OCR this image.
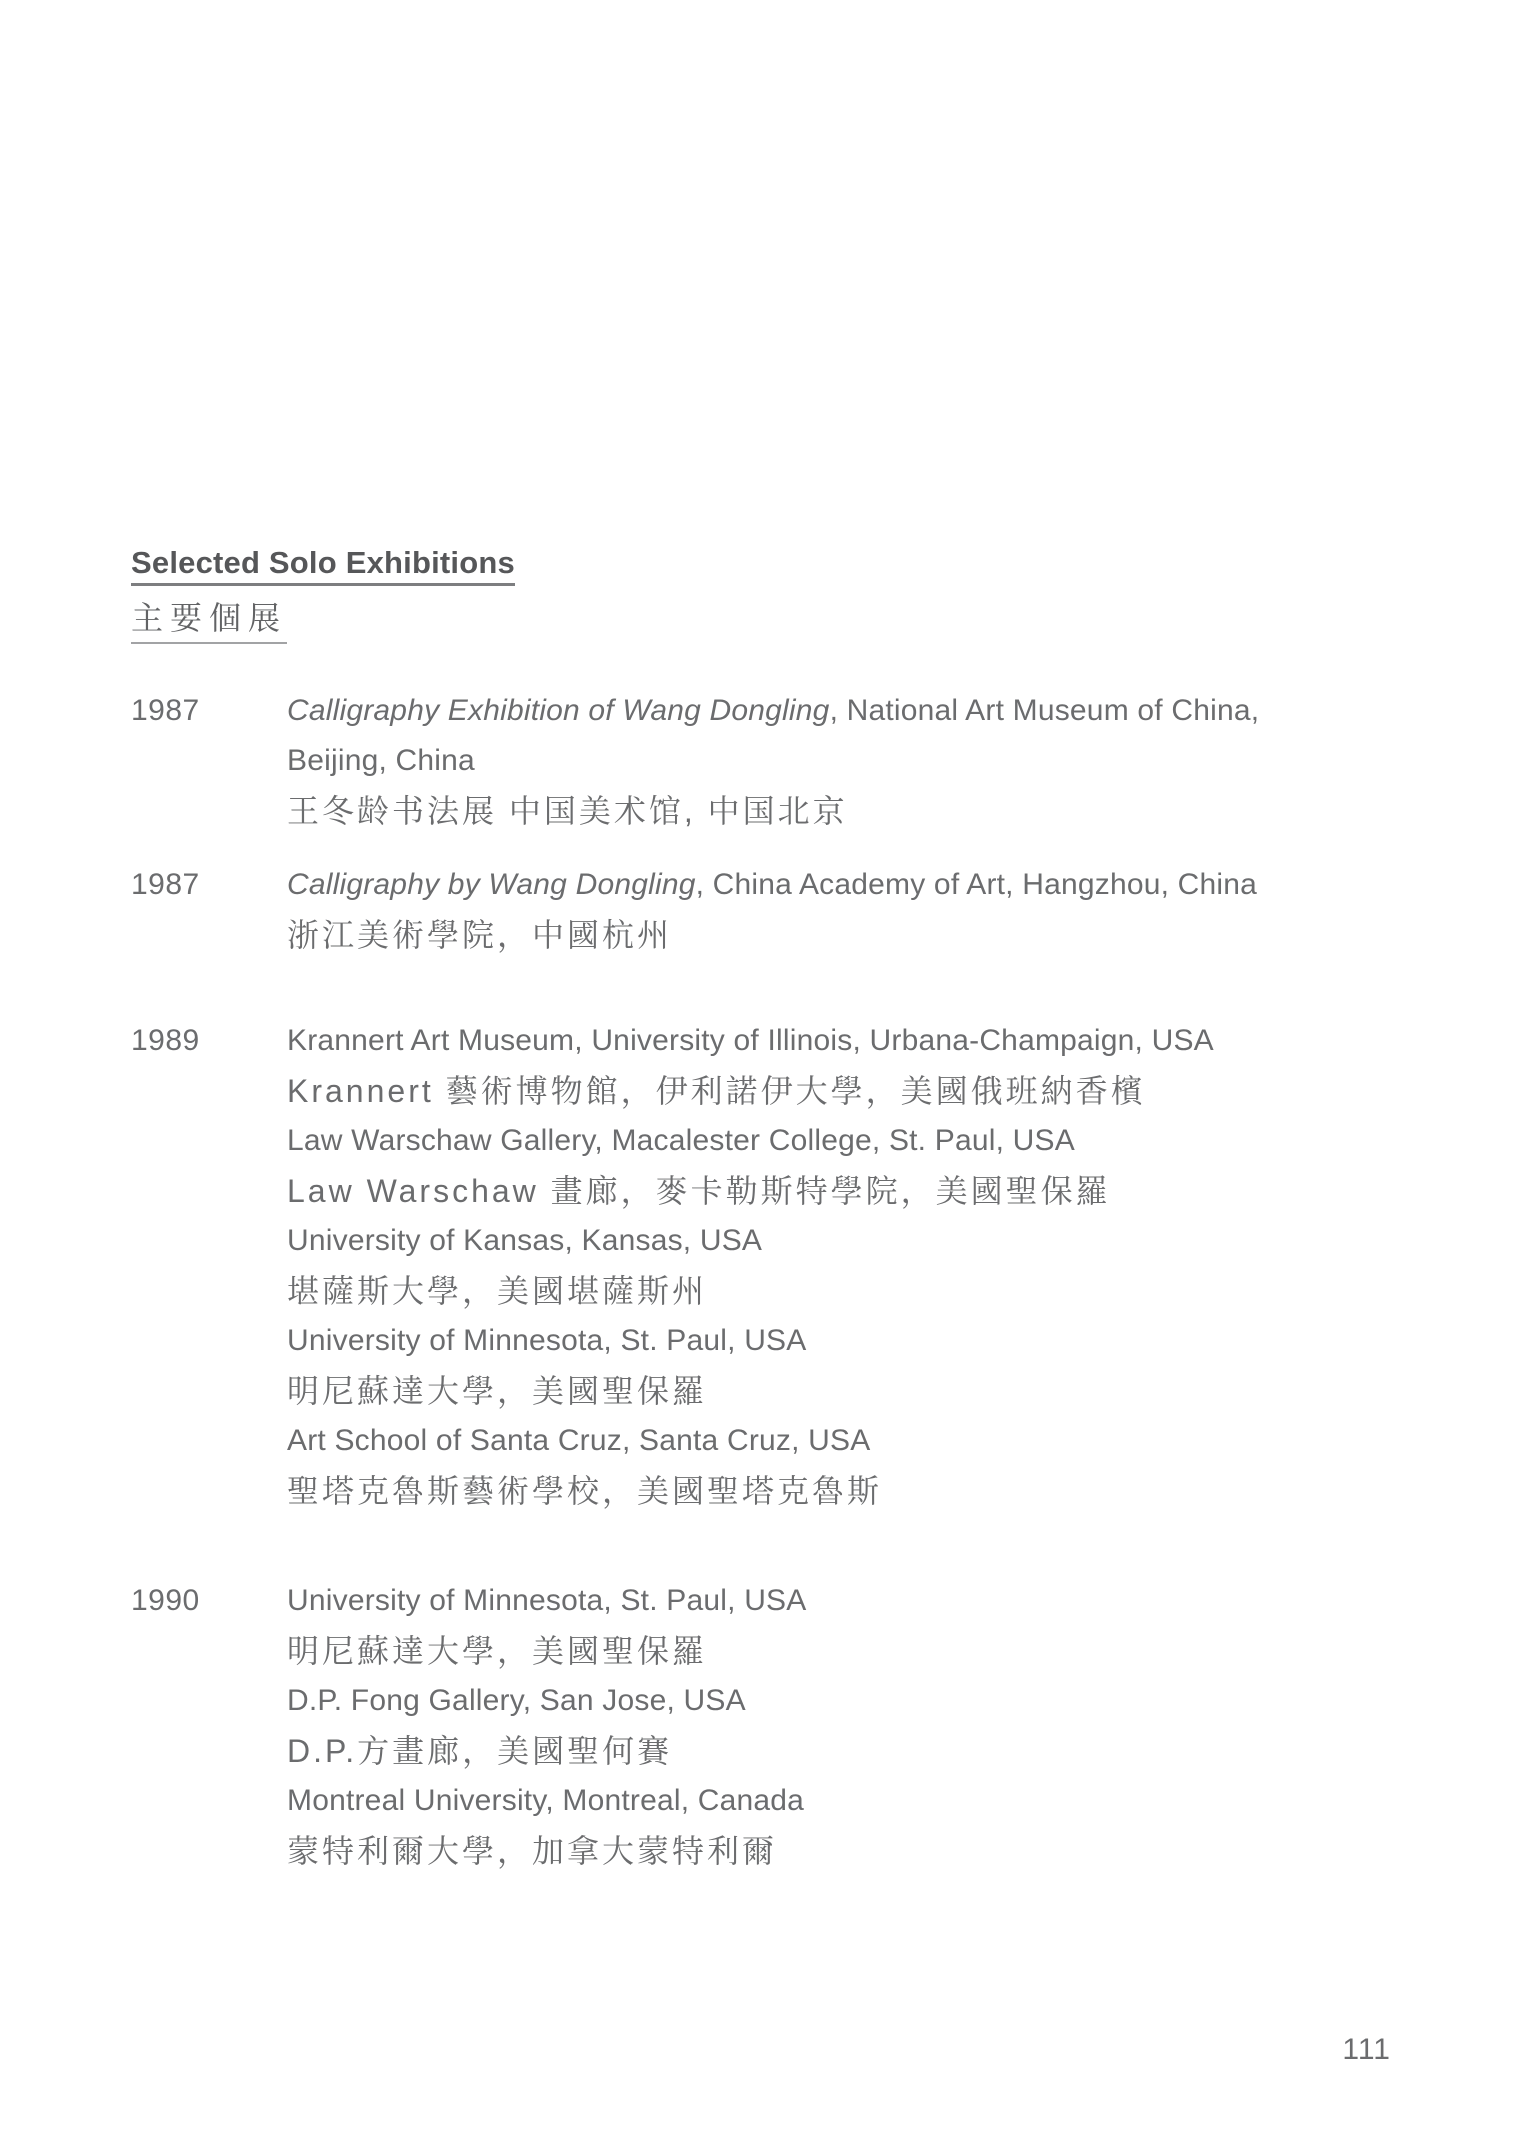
Selected Solo Exhibitions
主要個展
1987	Calligraphy Exhibition of Wang Dongling, National Art Museum of China,

Beijing, China

王冬龄书法展 中国美术馆, 中国北京

1987	Calligraphy by Wang Dongling, China Academy of Art, Hangzhou, China

浙江美術學院，中國杭州

1989	Krannert Art Museum, University of Illinois, Urbana-Champaign, USA

Krannert 藝術博物館，伊利諾伊大學，美國俄班納香檳

Law Warschaw Gallery, Macalester College, St. Paul, USA

Law Warschaw 畫廊，麥卡勒斯特學院，美國聖保羅

University of Kansas, Kansas, USA

堪薩斯大學，美國堪薩斯州

University of Minnesota, St. Paul, USA

明尼蘇達大學，美國聖保羅

Art School of Santa Cruz, Santa Cruz, USA

聖塔克魯斯藝術學校，美國聖塔克魯斯

1990	University of Minnesota, St. Paul, USA

明尼蘇達大學，美國聖保羅

D.P. Fong Gallery, San Jose, USA

D.P.方畫廊，美國聖何賽

Montreal University, Montreal, Canada

蒙特利爾大學，加拿大蒙特利爾

111
